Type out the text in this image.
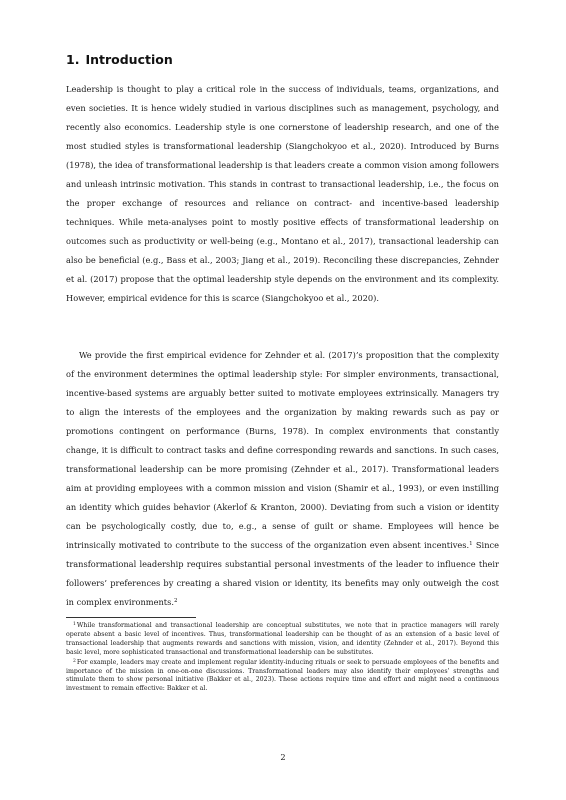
1. Introduction

Leadership is thought to play a critical role in the success of individuals, teams, organizations, and even societies. It is hence widely studied in various disciplines such as management, psychology, and recently also economics. Leadership style is one cornerstone of leadership research, and one of the most studied styles is transformational leadership (Siangchokyoo et al., 2020). Introduced by Burns (1978), the idea of transformational leadership is that leaders create a common vision among followers and unleash intrinsic motivation. This stands in contrast to transactional leadership, i.e., the focus on the proper exchange of resources and reliance on contract- and incentive-based leadership techniques. While meta-analyses point to mostly positive effects of transformational leadership on outcomes such as productivity or well-being (e.g., Montano et al., 2017), transactional leadership can also be beneficial (e.g., Bass et al., 2003; Jiang et al., 2019). Reconciling these discrepancies, Zehnder et al. (2017) propose that the optimal leadership style depends on the environment and its complexity. However, empirical evidence for this is scarce (Siangchokyoo et al., 2020).

We provide the first empirical evidence for Zehnder et al. (2017)’s proposition that the complexity of the environment determines the optimal leadership style: For simpler environments, transactional, incentive-based systems are arguably better suited to motivate employees extrinsically. Managers try to align the interests of the employees and the organization by making rewards such as pay or promotions contingent on performance (Burns, 1978). In complex environments that constantly change, it is difficult to contract tasks and define corresponding rewards and sanctions. In such cases, transformational leadership can be more promising (Zehnder et al., 2017). Transformational leaders aim at providing employees with a common mission and vision (Shamir et al., 1993), or even instilling an identity which guides behavior (Akerlof & Kranton, 2000). Deviating from such a vision or identity can be psychologically costly, due to, e.g., a sense of guilt or shame. Employees will hence be intrinsically motivated to contribute to the success of the organization even absent incentives.$^1$ Since transformational leadership requires substantial personal investments of the leader to influence their followers’ preferences by creating a shared vision or identity, its benefits may only outweigh the cost in complex environments.$^2$

$^1$While transformational and transactional leadership are conceptual substitutes, we note that in practice managers will rarely operate absent a basic level of incentives. Thus, transformational leadership can be thought of as an extension of a basic level of transactional leadership that augments rewards and sanctions with mission, vision, and identity (Zehnder et al., 2017). Beyond this basic level, more sophisticated transactional and transformational leadership can be substitutes.

$^2$For example, leaders may create and implement regular identity-inducing rituals or seek to persuade employees of the benefits and importance of the mission in one-on-one discussions. Transformational leaders may also identify their employees’ strengths and stimulate them to show personal initiative (Bakker et al., 2023). These actions require time and effort and might need a continuous investment to remain effective: Bakker et al.

2
